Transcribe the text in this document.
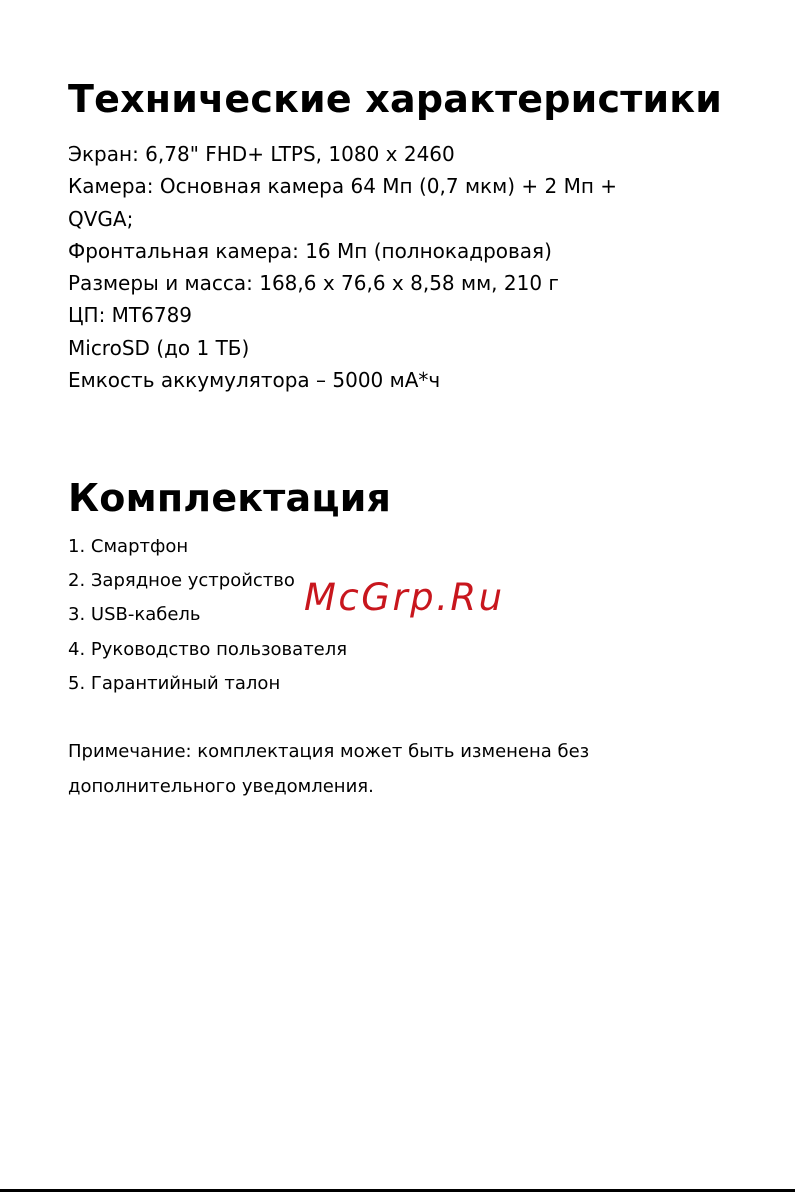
Технические характеристики
Экран: 6,78" FHD+ LTPS, 1080 x 2460
Камера: Основная камера 64 Мп (0,7 мкм) + 2 Мп +
QVGA;
Фронтальная камера: 16 Мп (полнокадровая)
Размеры и масса: 168,6 х 76,6 х 8,58 мм, 210 г
ЦП: MT6789
MicroSD (до 1 ТБ)
Емкость аккумулятора – 5000 мА*ч
Комплектация
1. Смартфон
2. Зарядное устройство
3. USB-кабель
4. Руководство пользователя
5. Гарантийный талон

Примечание: комплектация может быть изменена без дополнительного уведомления.

McGrp.Ru
